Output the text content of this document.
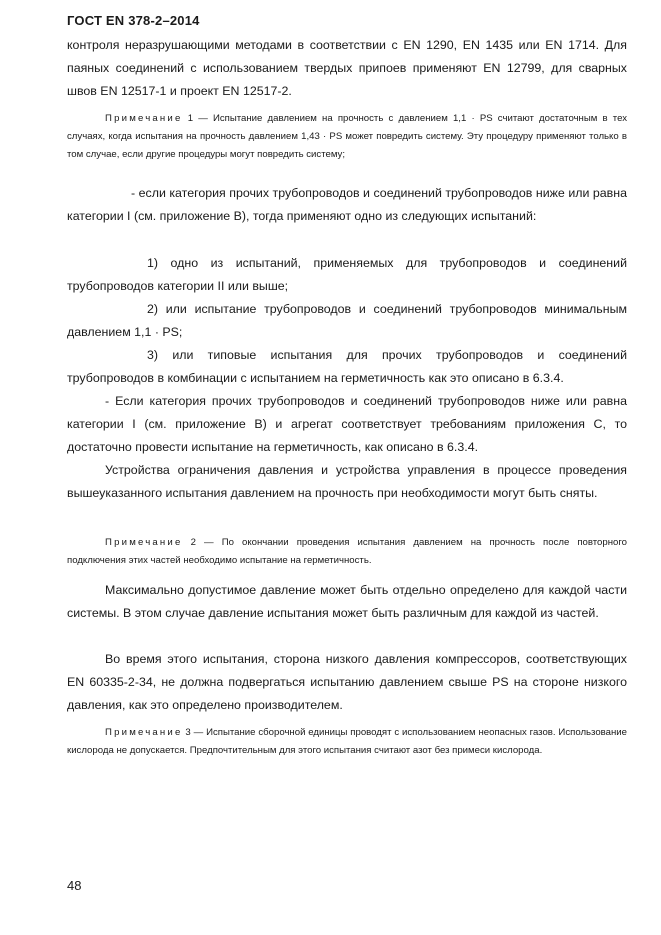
ГОСТ EN 378-2–2014

контроля неразрушающими методами в соответствии с EN 1290, EN 1435 или EN 1714. Для паяных соединений с использованием твердых припоев применяют EN 12799, для сварных швов EN 12517-1 и проект EN 12517-2.

Примечание 1 — Испытание давлением на прочность с давлением 1,1 · PS считают достаточным в тех случаях, когда испытания на прочность давлением 1,43 · PS может повредить систему. Эту процедуру применяют только в том случае, если другие процедуры могут повредить систему;

- если категория прочих трубопроводов и соединений трубопроводов ниже или равна категории I (см. приложение В), тогда применяют одно из следующих испытаний:

1) одно из испытаний, применяемых для трубопроводов и соединений трубопроводов категории II или выше;

2) или испытание трубопроводов и соединений трубопроводов минимальным давлением 1,1 · PS;

3) или типовые испытания для прочих трубопроводов и соединений трубопроводов в комбинации с испытанием на герметичность как это описано в 6.3.4.

- Если категория прочих трубопроводов и соединений трубопроводов ниже или равна категории I (см. приложение В) и агрегат соответствует требованиям приложения С, то достаточно провести испытание на герметичность, как описано в 6.3.4.

Устройства ограничения давления и устройства управления в процессе проведения вышеуказанного испытания давлением на прочность при необходимости могут быть сняты.

Примечание 2 — По окончании проведения испытания давлением на прочность после повторного подключения этих частей необходимо испытание на герметичность.

Максимально допустимое давление может быть отдельно определено для каждой части системы. В этом случае давление испытания может быть различным для каждой из частей.

Во время этого испытания, сторона низкого давления компрессоров, соответствующих EN 60335-2-34, не должна подвергаться испытанию давлением свыше PS на стороне низкого давления, как это определено производителем.

Примечание 3 — Испытание сборочной единицы проводят с использованием неопасных газов. Использование кислорода не допускается. Предпочтительным для этого испытания считают азот без примеси кислорода.

48
